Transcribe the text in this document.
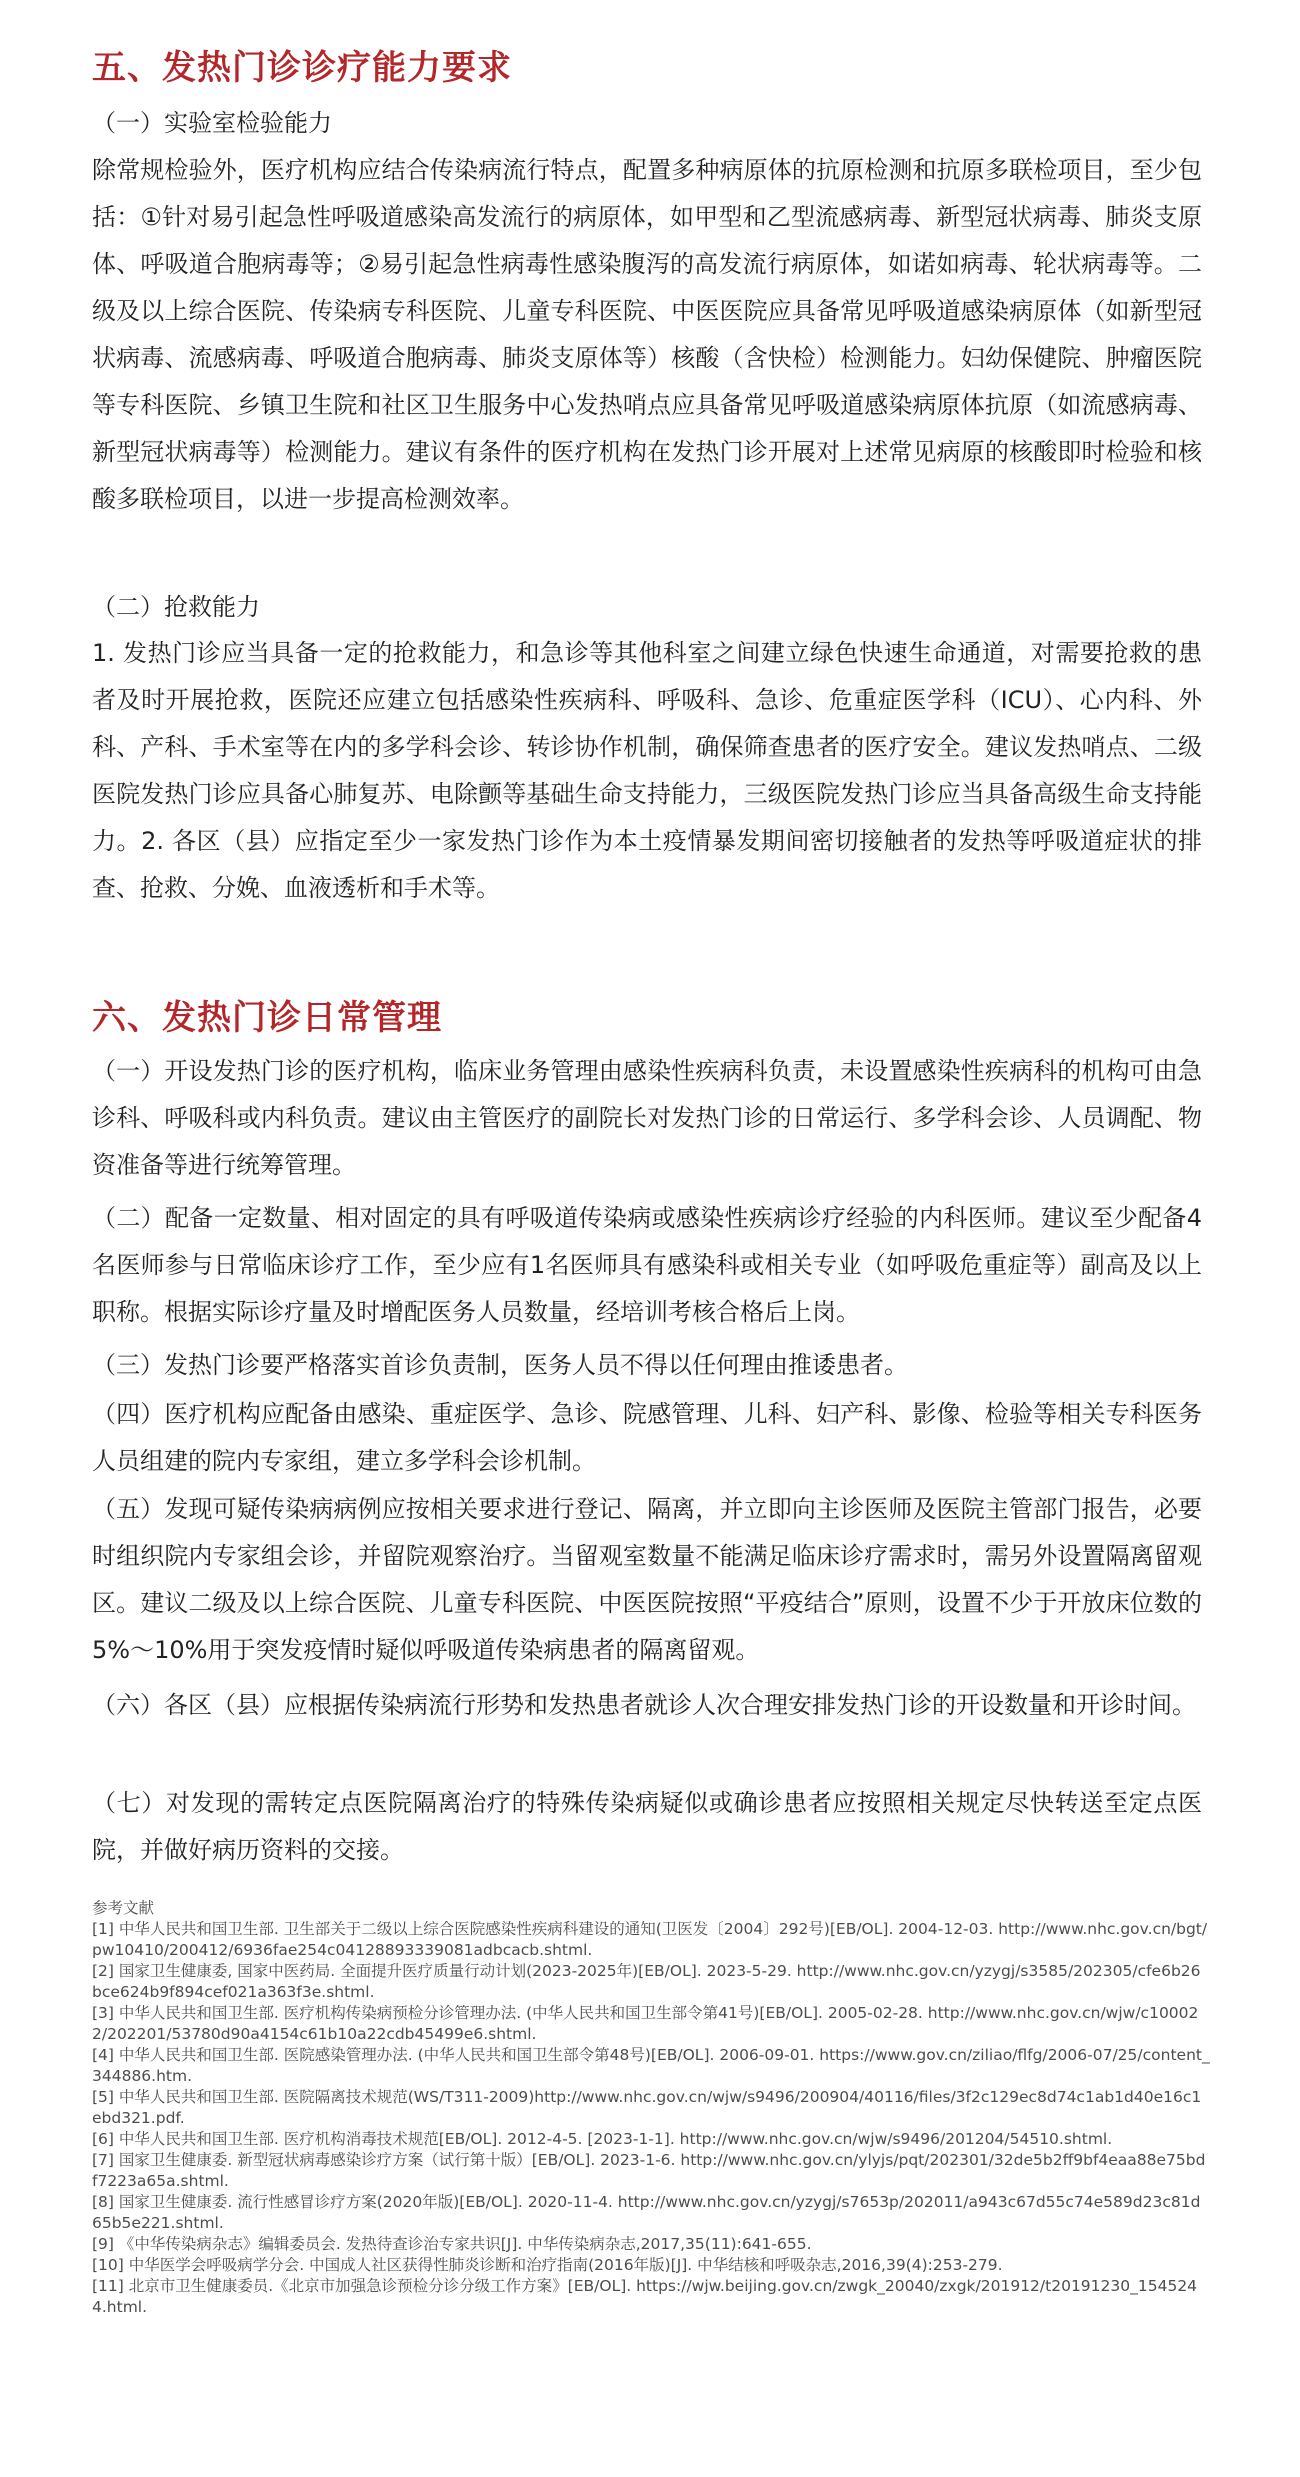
五、发热门诊诊疗能力要求

（一）实验室检验能力

除常规检验外，医疗机构应结合传染病流行特点，配置多种病原体的抗原检测和抗原多联检项目，至少包括：①针对易引起急性呼吸道感染高发流行的病原体，如甲型和乙型流感病毒、新型冠状病毒、肺炎支原体、呼吸道合胞病毒等；②易引起急性病毒性感染腹泻的高发流行病原体，如诺如病毒、轮状病毒等。二级及以上综合医院、传染病专科医院、儿童专科医院、中医医院应具备常见呼吸道感染病原体（如新型冠状病毒、流感病毒、呼吸道合胞病毒、肺炎支原体等）核酸（含快检）检测能力。妇幼保健院、肿瘤医院等专科医院、乡镇卫生院和社区卫生服务中心发热哨点应具备常见呼吸道感染病原体抗原（如流感病毒、新型冠状病毒等）检测能力。建议有条件的医疗机构在发热门诊开展对上述常见病原的核酸即时检验和核酸多联检项目，以进一步提高检测效率。

（二）抢救能力

1. 发热门诊应当具备一定的抢救能力，和急诊等其他科室之间建立绿色快速生命通道，对需要抢救的患者及时开展抢救，医院还应建立包括感染性疾病科、呼吸科、急诊、危重症医学科（ICU）、心内科、外科、产科、手术室等在内的多学科会诊、转诊协作机制，确保筛查患者的医疗安全。建议发热哨点、二级医院发热门诊应具备心肺复苏、电除颤等基础生命支持能力，三级医院发热门诊应当具备高级生命支持能力。2. 各区（县）应指定至少一家发热门诊作为本土疫情暴发期间密切接触者的发热等呼吸道症状的排查、抢救、分娩、血液透析和手术等。

六、发热门诊日常管理

（一）开设发热门诊的医疗机构，临床业务管理由感染性疾病科负责，未设置感染性疾病科的机构可由急诊科、呼吸科或内科负责。建议由主管医疗的副院长对发热门诊的日常运行、多学科会诊、人员调配、物资准备等进行统筹管理。

（二）配备一定数量、相对固定的具有呼吸道传染病或感染性疾病诊疗经验的内科医师。建议至少配备4名医师参与日常临床诊疗工作，至少应有1名医师具有感染科或相关专业（如呼吸危重症等）副高及以上职称。根据实际诊疗量及时增配医务人员数量，经培训考核合格后上岗。

（三）发热门诊要严格落实首诊负责制，医务人员不得以任何理由推诿患者。

（四）医疗机构应配备由感染、重症医学、急诊、院感管理、儿科、妇产科、影像、检验等相关专科医务人员组建的院内专家组，建立多学科会诊机制。

（五）发现可疑传染病病例应按相关要求进行登记、隔离，并立即向主诊医师及医院主管部门报告，必要时组织院内专家组会诊，并留院观察治疗。当留观室数量不能满足临床诊疗需求时，需另外设置隔离留观区。建议二级及以上综合医院、儿童专科医院、中医医院按照“平疫结合”原则，设置不少于开放床位数的5%～10%用于突发疫情时疑似呼吸道传染病患者的隔离留观。

（六）各区（县）应根据传染病流行形势和发热患者就诊人次合理安排发热门诊的开设数量和开诊时间。

（七）对发现的需转定点医院隔离治疗的特殊传染病疑似或确诊患者应按照相关规定尽快转送至定点医院，并做好病历资料的交接。

参考文献
[1] 中华人民共和国卫生部. 卫生部关于二级以上综合医院感染性疾病科建设的通知(卫医发〔2004〕292号)[EB/OL]. 2004-12-03. http://www.nhc.gov.cn/bgt/pw10410/200412/6936fae254c04128893339081adbcacb.shtml.
[2] 国家卫生健康委, 国家中医药局. 全面提升医疗质量行动计划(2023-2025年)[EB/OL]. 2023-5-29. http://www.nhc.gov.cn/yzygj/s3585/202305/cfe6b26bce624b9f894cef021a363f3e.shtml.
[3] 中华人民共和国卫生部. 医疗机构传染病预检分诊管理办法. (中华人民共和国卫生部令第41号)[EB/OL]. 2005-02-28. http://www.nhc.gov.cn/wjw/c100022/202201/53780d90a4154c61b10a22cdb45499e6.shtml.
[4] 中华人民共和国卫生部. 医院感染管理办法. (中华人民共和国卫生部令第48号)[EB/OL]. 2006-09-01. https://www.gov.cn/ziliao/flfg/2006-07/25/content_344886.htm.
[5] 中华人民共和国卫生部. 医院隔离技术规范(WS/T311-2009)http://www.nhc.gov.cn/wjw/s9496/200904/40116/files/3f2c129ec8d74c1ab1d40e16c1ebd321.pdf.
[6] 中华人民共和国卫生部. 医疗机构消毒技术规范[EB/OL]. 2012-4-5. [2023-1-1]. http://www.nhc.gov.cn/wjw/s9496/201204/54510.shtml.
[7] 国家卫生健康委. 新型冠状病毒感染诊疗方案（试行第十版）[EB/OL]. 2023-1-6. http://www.nhc.gov.cn/ylyjs/pqt/202301/32de5b2ff9bf4eaa88e75bdf7223a65a.shtml.
[8] 国家卫生健康委. 流行性感冒诊疗方案(2020年版)[EB/OL]. 2020-11-4. http://www.nhc.gov.cn/yzygj/s7653p/202011/a943c67d55c74e589d23c81d65b5e221.shtml.
[9] 《中华传染病杂志》编辑委员会. 发热待查诊治专家共识[J]. 中华传染病杂志,2017,35(11):641-655.
[10] 中华医学会呼吸病学分会. 中国成人社区获得性肺炎诊断和治疗指南(2016年版)[J]. 中华结核和呼吸杂志,2016,39(4):253-279.
[11] 北京市卫生健康委员.《北京市加强急诊预检分诊分级工作方案》[EB/OL]. https://wjw.beijing.gov.cn/zwgk_20040/zxgk/201912/t20191230_1545244.html.
